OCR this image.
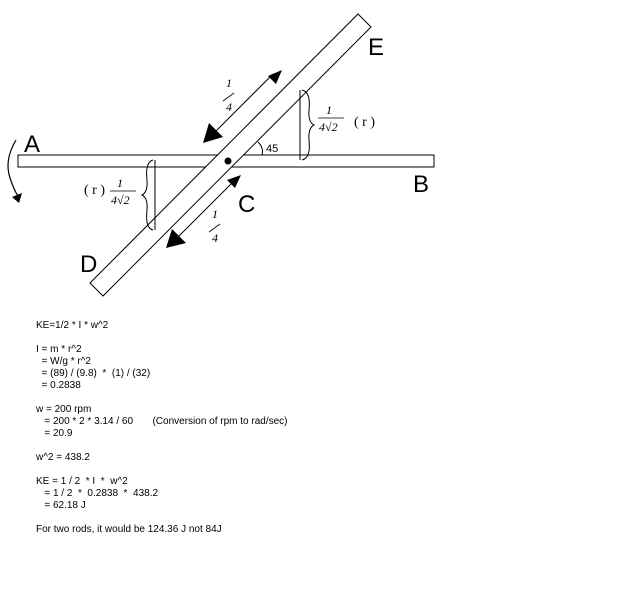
45
A
B
C
D
E
1
4
1
4
1
4√2 ( r )
( r ) 1
4√2
KE=1/2 * I * w^2
I = m * r^2
= W/g * r^2
= (89) / (9.8)  *  (1) / (32)
= 0.2838
w = 200 rpm
= 200 * 2 * 3.14 / 60       (Conversion of rpm to rad/sec)
= 20.9
w^2 = 438.2
KE = 1 / 2  * I  *  w^2
= 1 / 2  *  0.2838  *  438.2
= 62.18 J
For two rods, it would be 124.36 J not 84J
